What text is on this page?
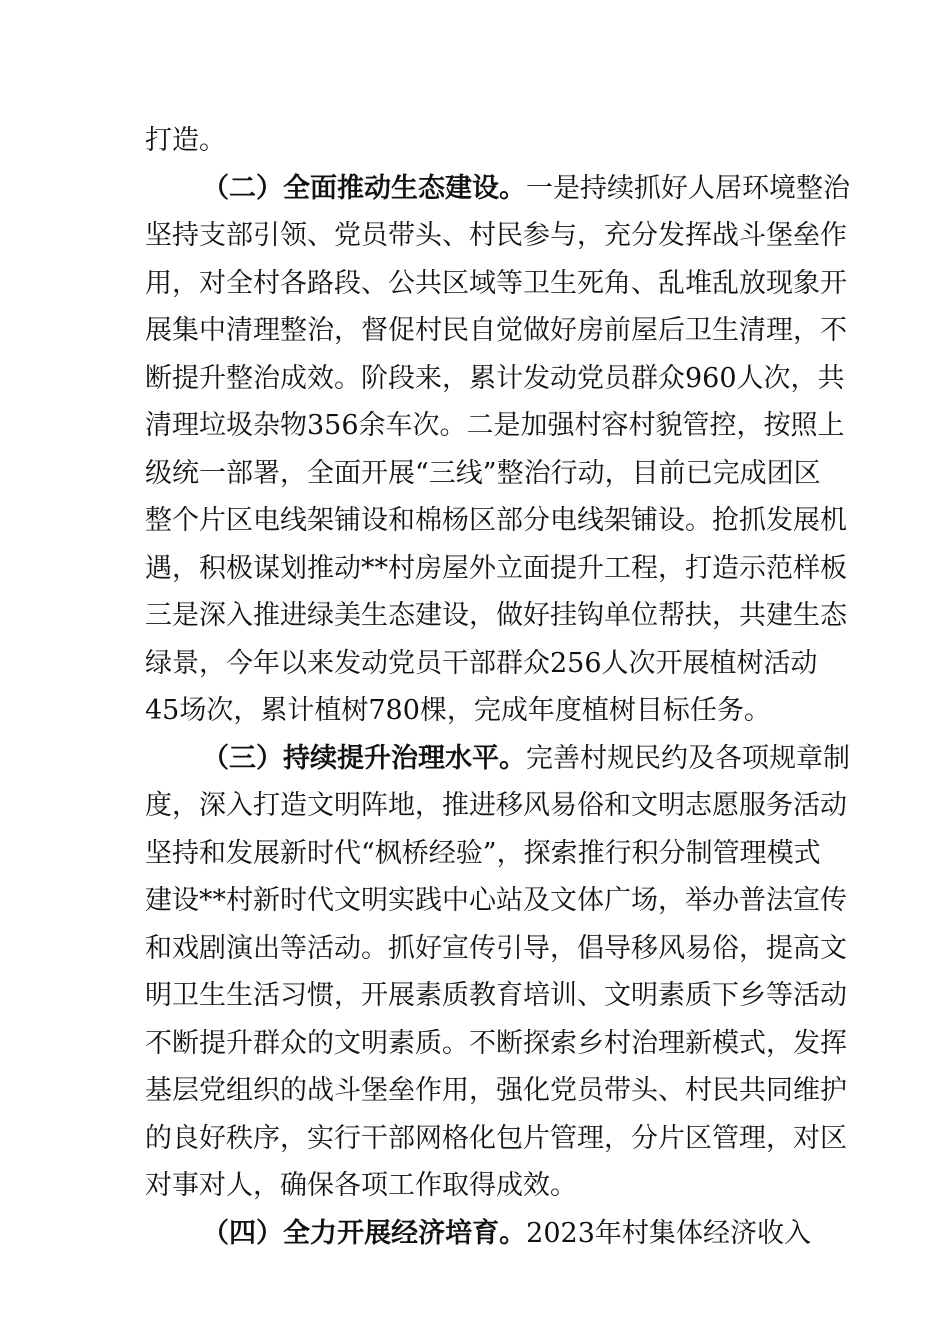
打造。
（二）全面推动生态建设。一是持续抓好人居环境整治
坚持支部引领、党员带头、村民参与，充分发挥战斗堡垒作
用，对全村各路段、公共区域等卫生死角、乱堆乱放现象开
展集中清理整治，督促村民自觉做好房前屋后卫生清理，不
断提升整治成效。阶段来，累计发动党员群众960人次，共
清理垃圾杂物356余车次。二是加强村容村貌管控，按照上
级统一部署，全面开展“三线”整治行动，目前已完成团区
整个片区电线架铺设和棉杨区部分电线架铺设。抢抓发展机
遇，积极谋划推动**村房屋外立面提升工程，打造示范样板
三是深入推进绿美生态建设，做好挂钩单位帮扶，共建生态
绿景，今年以来发动党员干部群众256人次开展植树活动
45场次，累计植树780棵，完成年度植树目标任务。
（三）持续提升治理水平。完善村规民约及各项规章制
度，深入打造文明阵地，推进移风易俗和文明志愿服务活动
坚持和发展新时代“枫桥经验”，探索推行积分制管理模式
建设**村新时代文明实践中心站及文体广场，举办普法宣传
和戏剧演出等活动。抓好宣传引导，倡导移风易俗，提高文
明卫生生活习惯，开展素质教育培训、文明素质下乡等活动
不断提升群众的文明素质。不断探索乡村治理新模式，发挥
基层党组织的战斗堡垒作用，强化党员带头、村民共同维护
的良好秩序，实行干部网格化包片管理，分片区管理，对区
对事对人，确保各项工作取得成效。
（四）全力开展经济培育。2023年村集体经济收入
